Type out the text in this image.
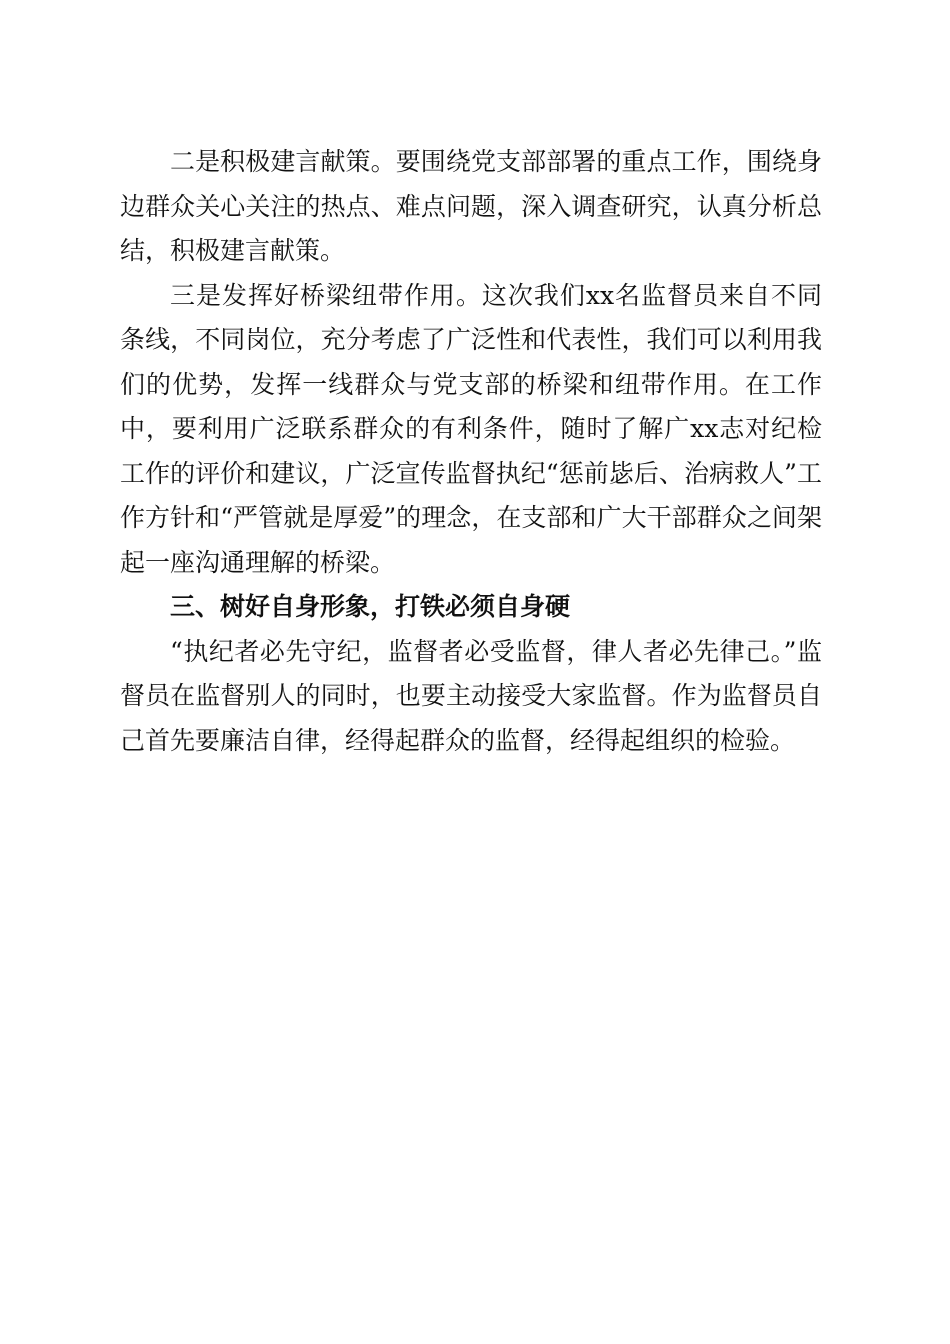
二是积极建言献策。要围绕党支部部署的重点工作，围绕身边群众关心关注的热点、难点问题，深入调查研究，认真分析总结，积极建言献策。

三是发挥好桥梁纽带作用。这次我们xx名监督员来自不同条线，不同岗位，充分考虑了广泛性和代表性，我们可以利用我们的优势，发挥一线群众与党支部的桥梁和纽带作用。在工作中，要利用广泛联系群众的有利条件，随时了解广xx志对纪检工作的评价和建议，广泛宣传监督执纪“惩前毖后、治病救人”工作方针和“严管就是厚爱”的理念，在支部和广大干部群众之间架起一座沟通理解的桥梁。

三、树好自身形象，打铁必须自身硬

“执纪者必先守纪，监督者必受监督，律人者必先律己。”监督员在监督别人的同时，也要主动接受大家监督。作为监督员自己首先要廉洁自律，经得起群众的监督，经得起组织的检验。
